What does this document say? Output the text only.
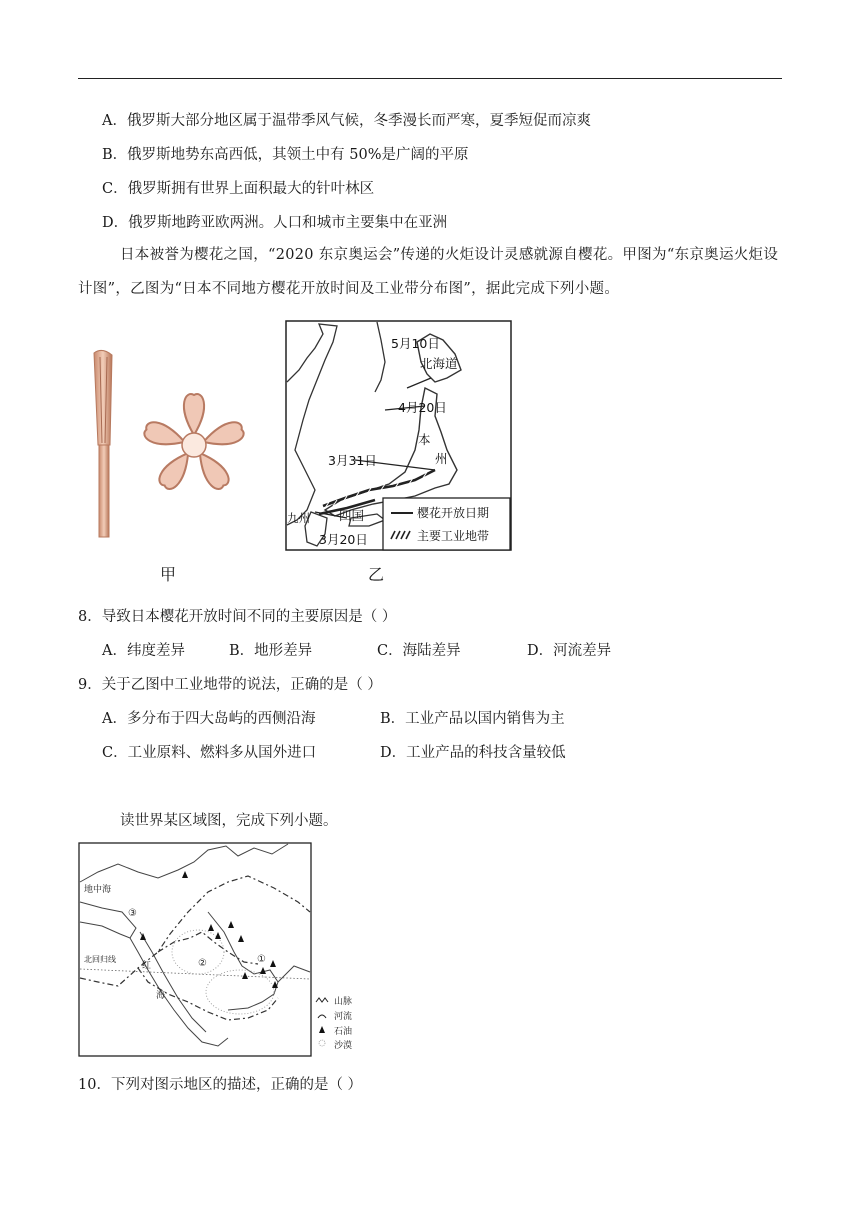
A．俄罗斯大部分地区属于温带季风气候，冬季漫长而严寒，夏季短促而凉爽
B．俄罗斯地势东高西低，其领土中有 50%是广阔的平原
C．俄罗斯拥有世界上面积最大的针叶林区
D．俄罗斯地跨亚欧两洲。人口和城市主要集中在亚洲
日本被誉为樱花之国，“2020 东京奥运会”传递的火炬设计灵感就源自樱花。甲图为“东京奥运火炬设计图”，乙图为“日本不同地方樱花开放时间及工业带分布图”，据此完成下列小题。
甲
樱花开放日期
主要工业地带
5月10日
北海道
4月20日
本
州
3月31日
四国
九州
3月20日
乙
8．导致日本樱花开放时间不同的主要原因是（ ）
A．纬度差异	B．地形差异	C．海陆差异	D．河流差异
9．关于乙图中工业地带的说法，正确的是（ ）
A．多分布于四大岛屿的西侧沿海	B．工业产品以国内销售为主
C．工业原料、燃料多从国外进口	D．工业产品的科技含量较低
读世界某区域图，完成下列小题。
地中海
北回归线
红
海
③
②	①
山脉
河流
石油
沙漠
10．下列对图示地区的描述，正确的是（ ）
